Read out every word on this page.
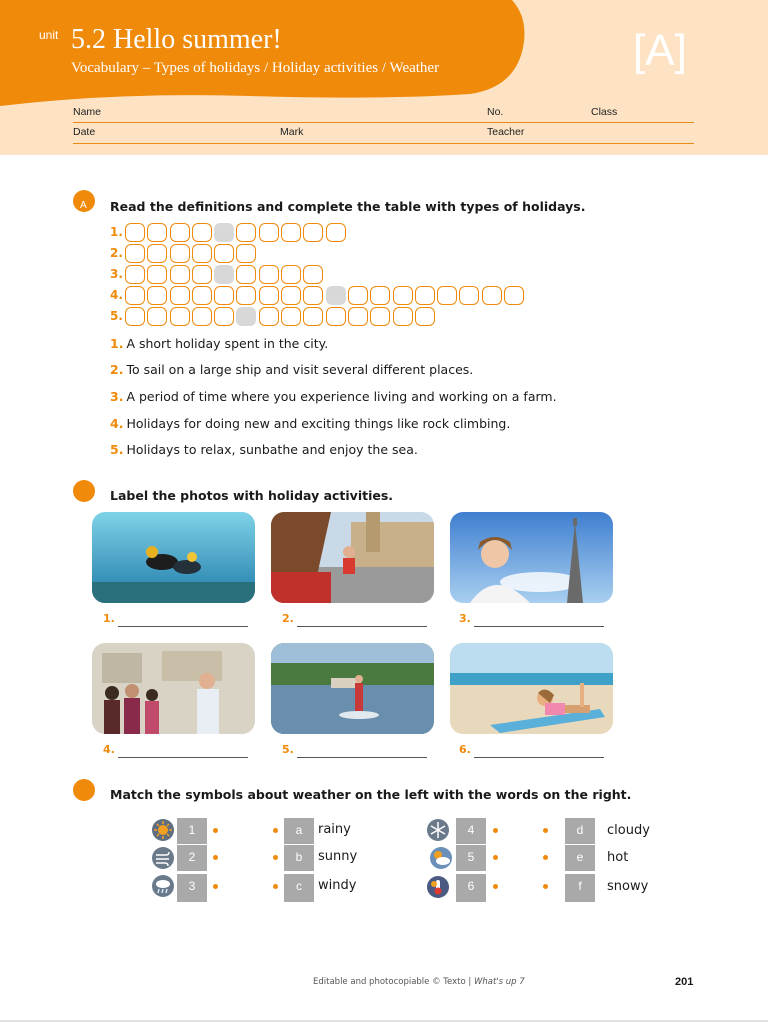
unit 5.2 Hello summer!
Vocabulary – Types of holidays / Holiday activities / Weather	[A]
Name	No.	Class
Date	Mark	Teacher
A Read the definitions and complete the table with types of holidays.
1.
2.
3.
4.
5.
1. A short holiday spent in the city.
2. To sail on a large ship and visit several different places.
3. A period of time where you experience living and working on a farm.
4. Holidays for doing new and exciting things like rock climbing.
5. Holidays to relax, sunbathe and enjoy the sea.
Label the photos with holiday activities.
1.	2.	3.
4.	5.	6.
Match the symbols about weather on the left with the words on the right.
1	a	rainy
2	b	sunny
3	c	windy
4	d	cloudy
5	e	hot
6	f	snowy
Editable and photocopiable © Texto | What's up 7	201
